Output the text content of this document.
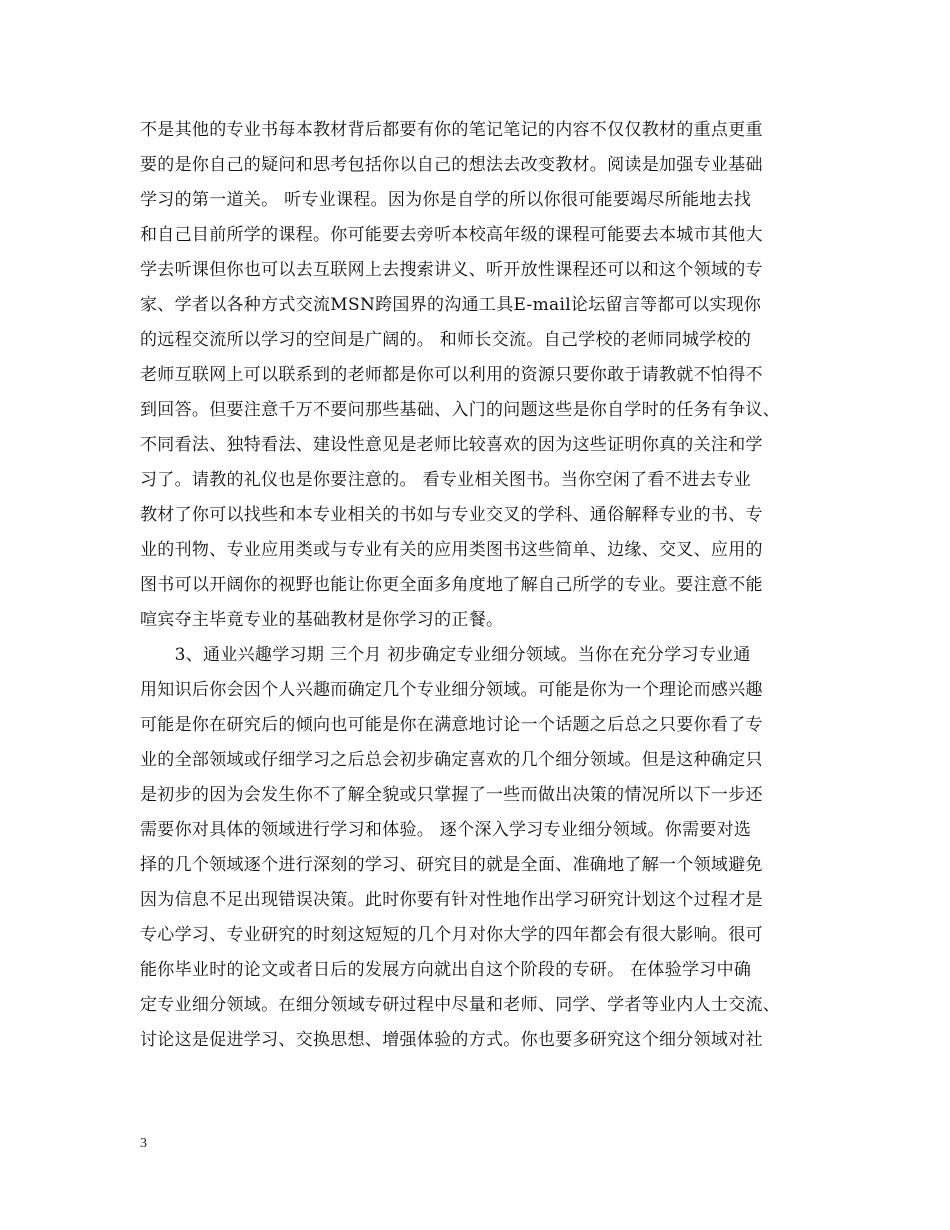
不是其他的专业书每本教材背后都要有你的笔记笔记的内容不仅仅教材的重点更重
要的是你自己的疑问和思考包括你以自己的想法去改变教材。阅读是加强专业基础
学习的第一道关。 听专业课程。因为你是自学的所以你很可能要竭尽所能地去找
和自己目前所学的课程。你可能要去旁听本校高年级的课程可能要去本城市其他大
学去听课但你也可以去互联网上去搜索讲义、听开放性课程还可以和这个领域的专
家、学者以各种方式交流MSN跨国界的沟通工具E-mail论坛留言等都可以实现你
的远程交流所以学习的空间是广阔的。 和师长交流。自己学校的老师同城学校的
老师互联网上可以联系到的老师都是你可以利用的资源只要你敢于请教就不怕得不
到回答。但要注意千万不要问那些基础、入门的问题这些是你自学时的任务有争议、
不同看法、独特看法、建设性意见是老师比较喜欢的因为这些证明你真的关注和学
习了。请教的礼仪也是你要注意的。 看专业相关图书。当你空闲了看不进去专业
教材了你可以找些和本专业相关的书如与专业交叉的学科、通俗解释专业的书、专
业的刊物、专业应用类或与专业有关的应用类图书这些简单、边缘、交叉、应用的
图书可以开阔你的视野也能让你更全面多角度地了解自己所学的专业。要注意不能
喧宾夺主毕竟专业的基础教材是你学习的正餐。
　　3、通业兴趣学习期 三个月 初步确定专业细分领域。当你在充分学习专业通
用知识后你会因个人兴趣而确定几个专业细分领域。可能是你为一个理论而感兴趣
可能是你在研究后的倾向也可能是你在满意地讨论一个话题之后总之只要你看了专
业的全部领域或仔细学习之后总会初步确定喜欢的几个细分领域。但是这种确定只
是初步的因为会发生你不了解全貌或只掌握了一些而做出决策的情况所以下一步还
需要你对具体的领域进行学习和体验。 逐个深入学习专业细分领域。你需要对选
择的几个领域逐个进行深刻的学习、研究目的就是全面、准确地了解一个领域避免
因为信息不足出现错误决策。此时你要有针对性地作出学习研究计划这个过程才是
专心学习、专业研究的时刻这短短的几个月对你大学的四年都会有很大影响。很可
能你毕业时的论文或者日后的发展方向就出自这个阶段的专研。 在体验学习中确
定专业细分领域。在细分领域专研过程中尽量和老师、同学、学者等业内人士交流、
讨论这是促进学习、交换思想、增强体验的方式。你也要多研究这个细分领域对社
3
